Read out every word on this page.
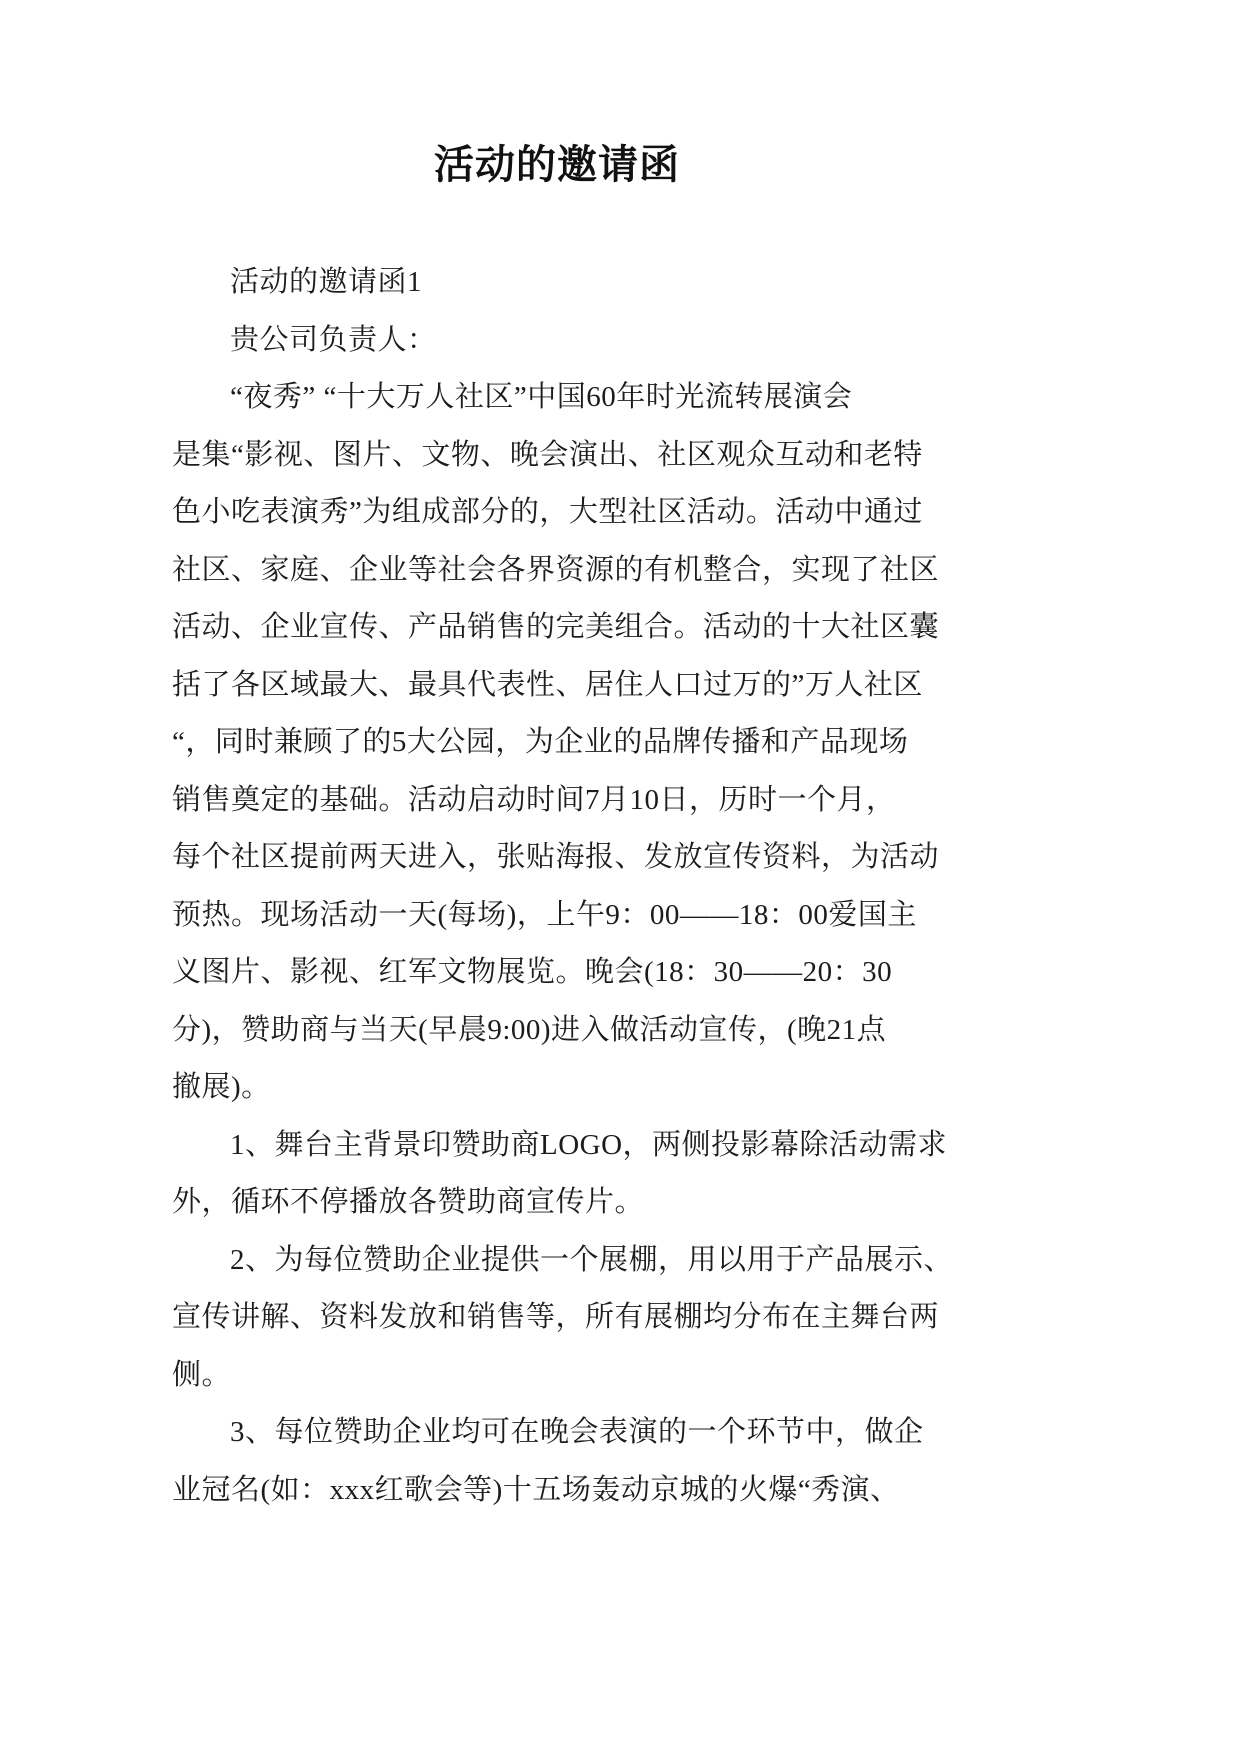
活动的邀请函
活动的邀请函1
贵公司负责人：
“夜秀” “十大万人社区”中国60年时光流转展演会
是集“影视、图片、文物、晚会演出、社区观众互动和老特
色小吃表演秀”为组成部分的，大型社区活动。活动中通过
社区、家庭、企业等社会各界资源的有机整合，实现了社区
活动、企业宣传、产品销售的完美组合。活动的十大社区囊
括了各区域最大、最具代表性、居住人口过万的”万人社区
“，同时兼顾了的5大公园，为企业的品牌传播和产品现场
销售奠定的基础。活动启动时间7月10日，历时一个月，
每个社区提前两天进入，张贴海报、发放宣传资料，为活动
预热。现场活动一天(每场)，上午9：00——18：00爱国主
义图片、影视、红军文物展览。晚会(18：30——20：30
分)，赞助商与当天(早晨9:00)进入做活动宣传，(晚21点
撤展)。
1、舞台主背景印赞助商LOGO，两侧投影幕除活动需求
外，循环不停播放各赞助商宣传片。
2、为每位赞助企业提供一个展棚，用以用于产品展示、
宣传讲解、资料发放和销售等，所有展棚均分布在主舞台两
侧。
3、每位赞助企业均可在晚会表演的一个环节中，做企
业冠名(如：xxx红歌会等)十五场轰动京城的火爆“秀演、
